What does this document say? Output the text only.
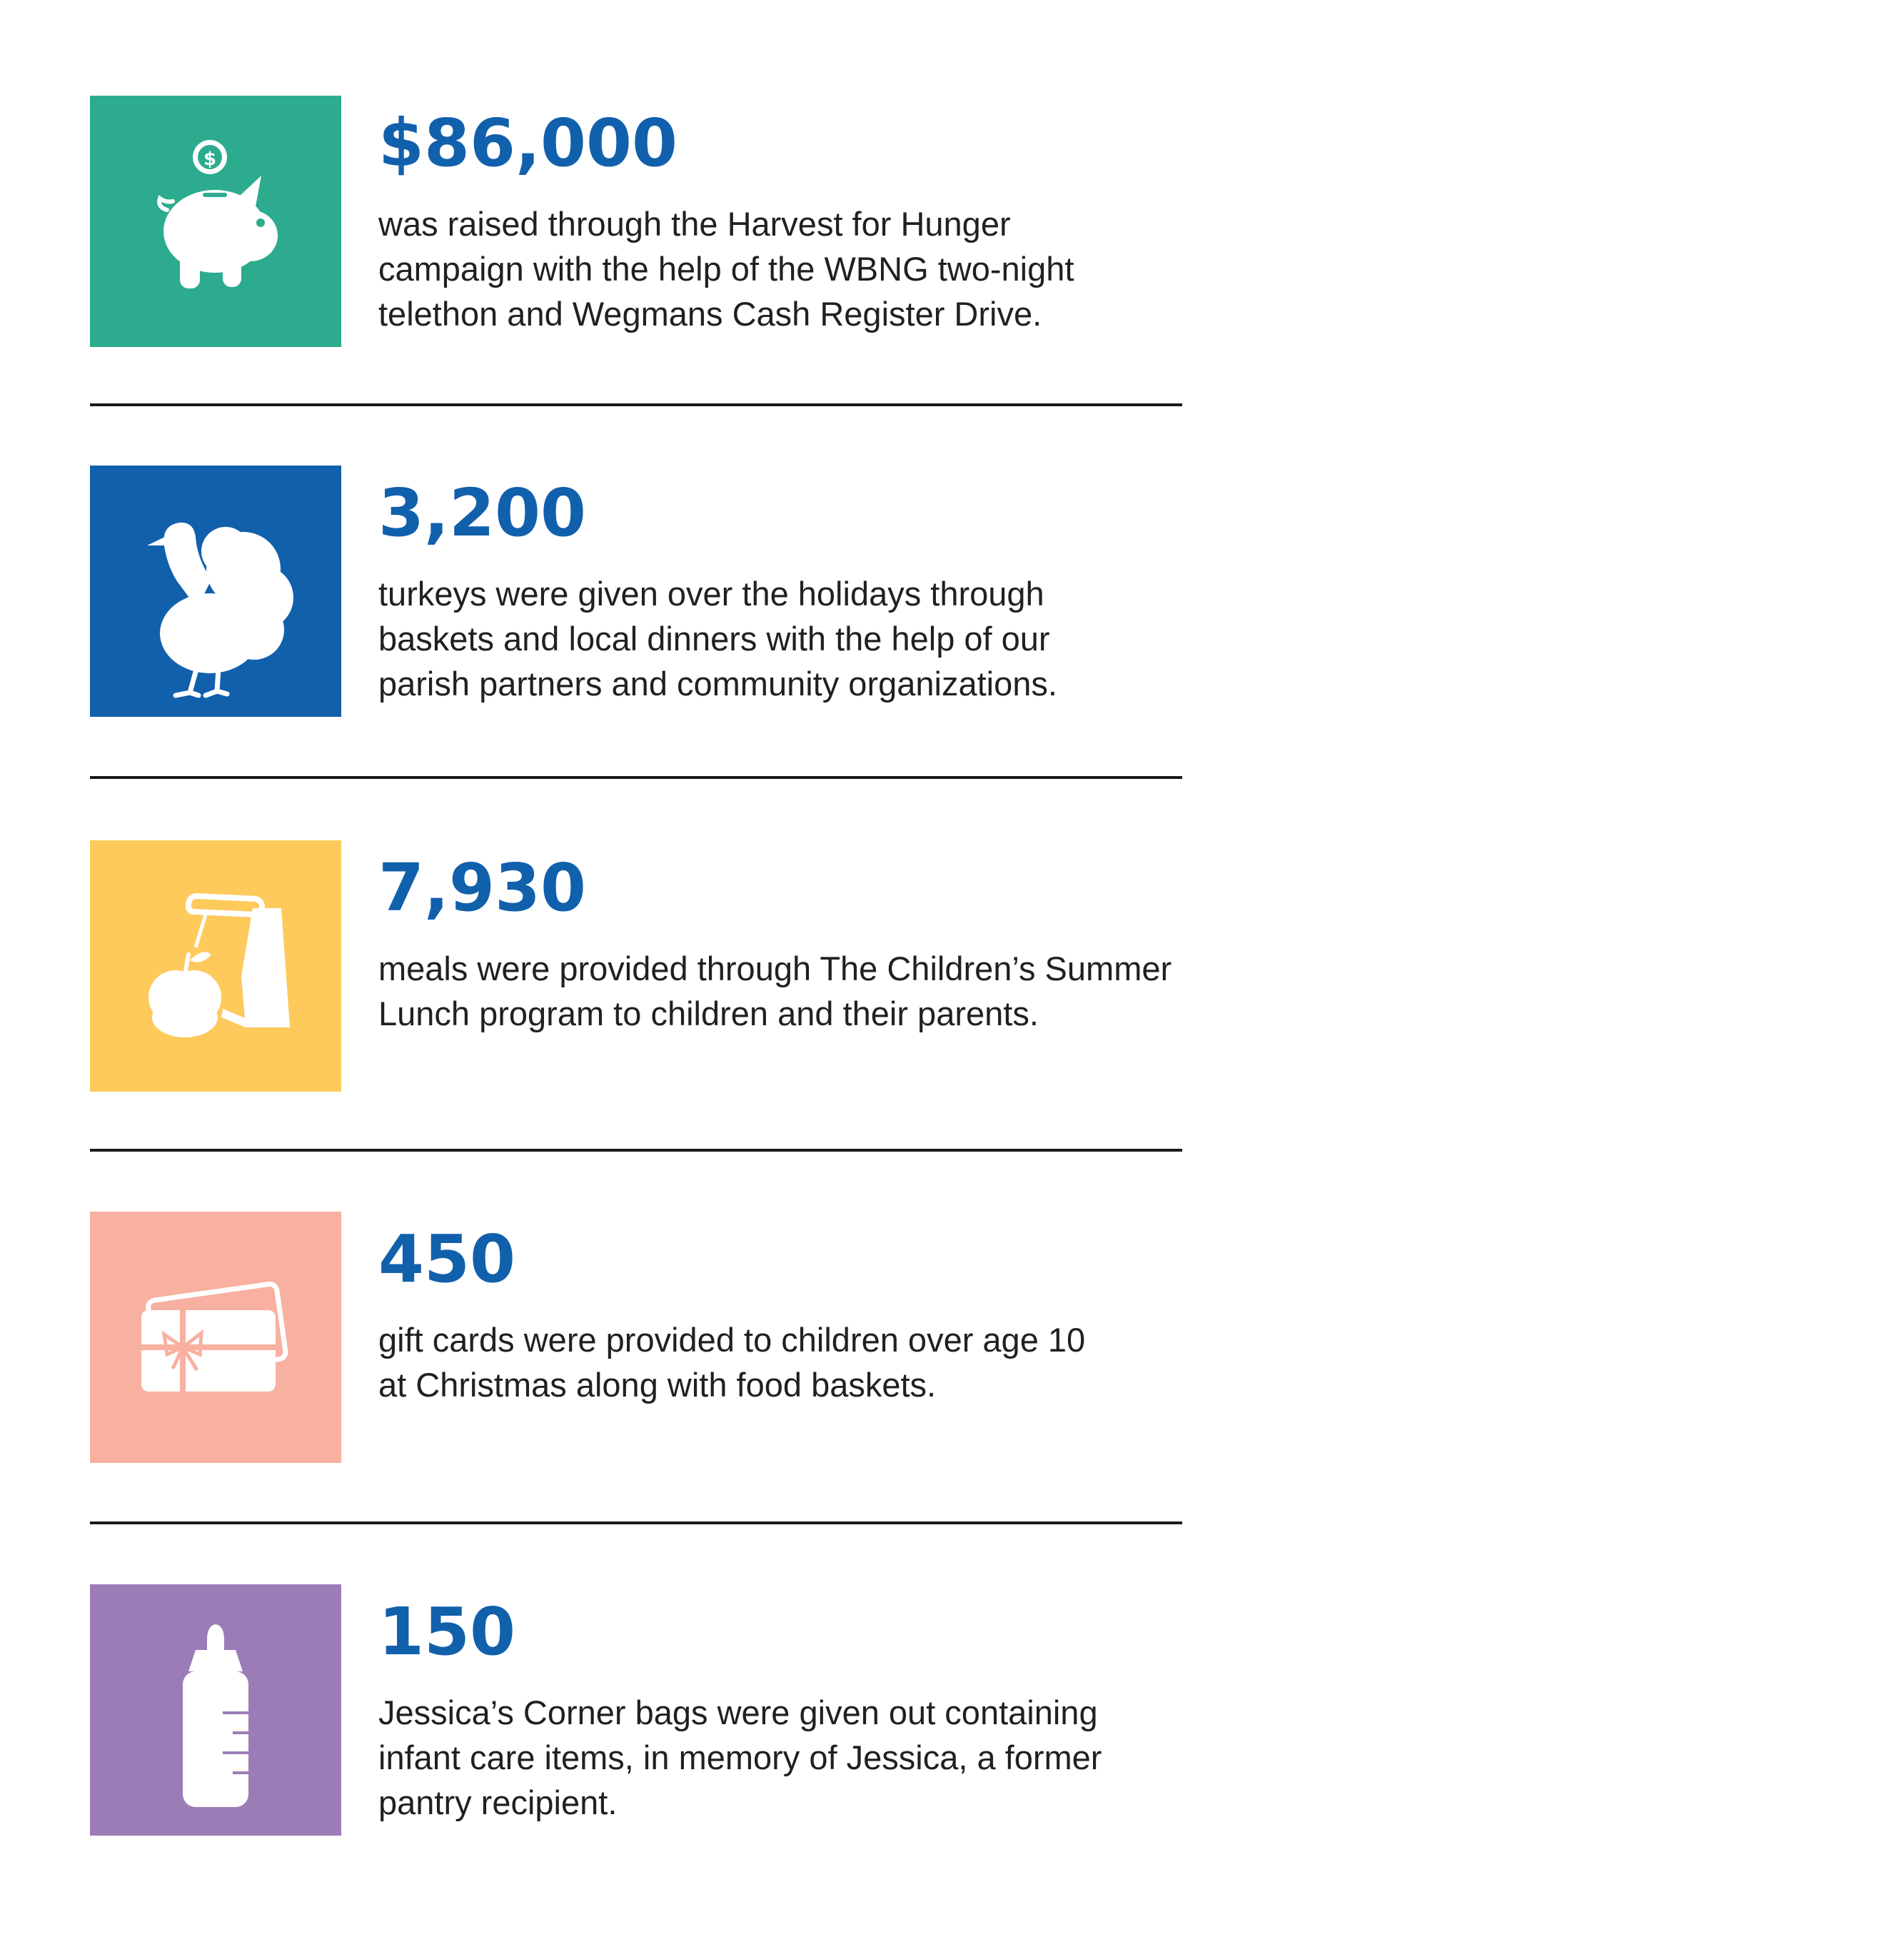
$ $86,000

was raised through the Harvest for Hunger
campaign with the help of the WBNG two-night
telethon and Wegmans Cash Register Drive.

3,200

turkeys were given over the holidays through
baskets and local dinners with the help of our
parish partners and community organizations.

7,930

meals were provided through The Children’s Summer
Lunch program to children and their parents.

450

gift cards were provided to children over age 10
at Christmas along with food baskets.

150

Jessica’s Corner bags were given out containing
infant care items, in memory of Jessica, a former
pantry recipient.
